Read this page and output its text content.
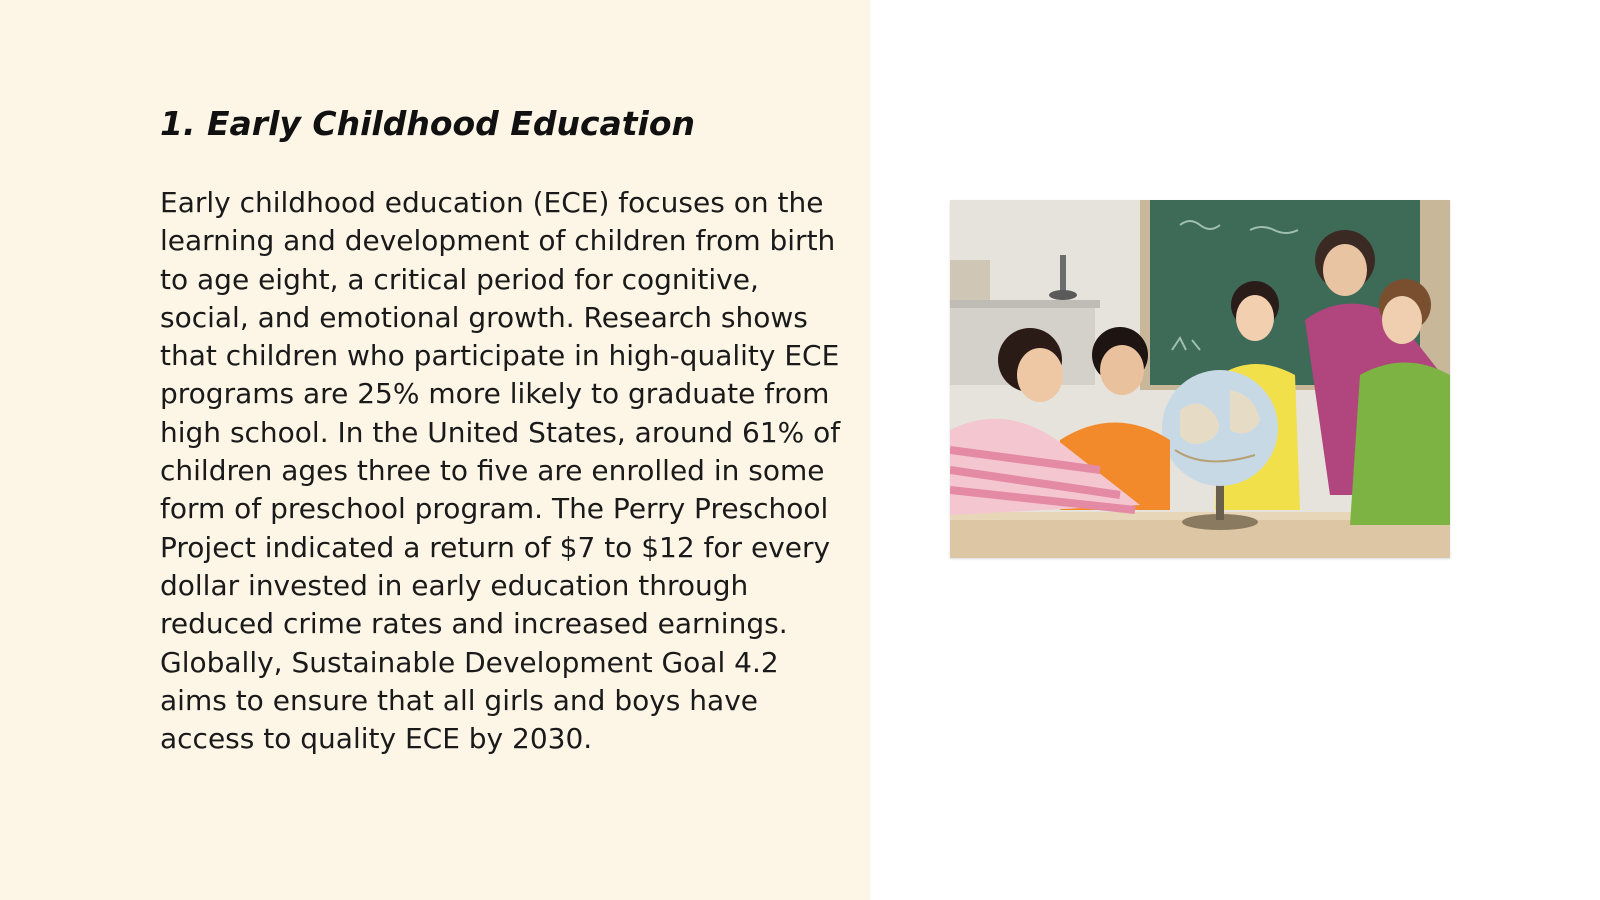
1. Early Childhood Education

Early childhood education (ECE) focuses on the learning and development of children from birth to age eight, a critical period for cognitive, social, and emotional growth. Research shows that children who participate in high-quality ECE programs are 25% more likely to graduate from high school. In the United States, around 61% of children ages three to five are enrolled in some form of preschool program. The Perry Preschool Project indicated a return of $7 to $12 for every dollar invested in early education through reduced crime rates and increased earnings. Globally, Sustainable Development Goal 4.2 aims to ensure that all girls and boys have access to quality ECE by 2030.
